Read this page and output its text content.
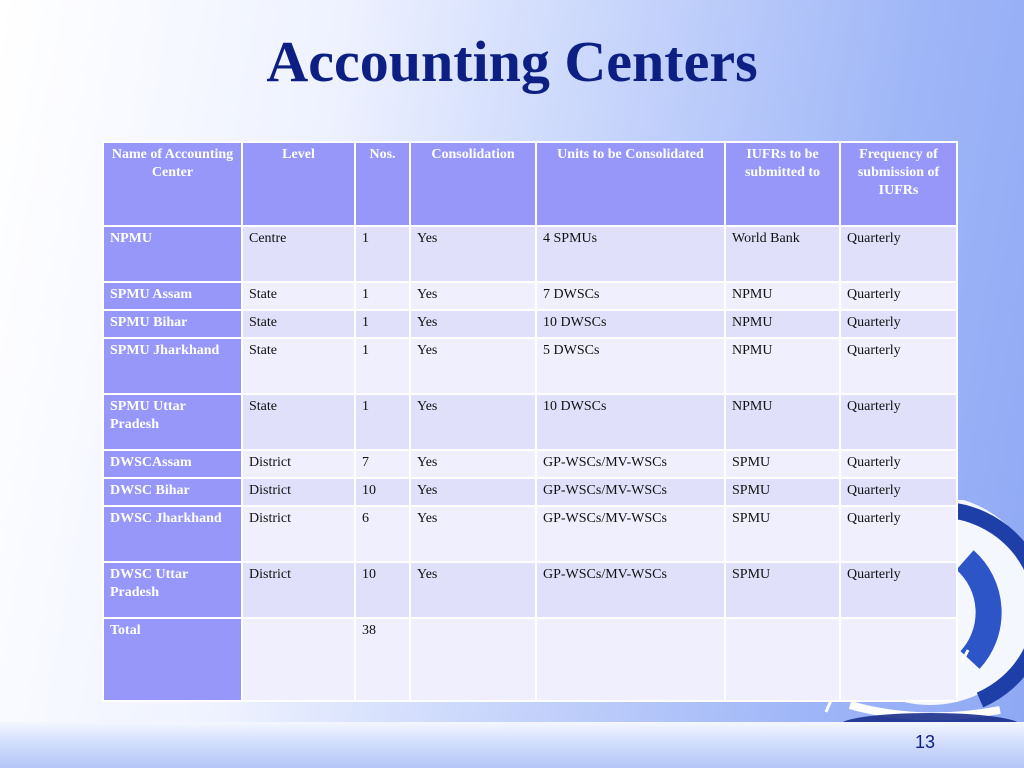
Accounting Centers
Name of Accounting Center	Level	Nos.	Consolidation	Units to be Consolidated	IUFRs to be submitted to	Frequency of submission of IUFRs
NPMU	Centre	1	Yes	4 SPMUs	World Bank	Quarterly
SPMU Assam	State	1	Yes	7 DWSCs	NPMU	Quarterly
SPMU Bihar	State	1	Yes	10 DWSCs	NPMU	Quarterly
SPMU Jharkhand	State	1	Yes	5 DWSCs	NPMU	Quarterly
SPMU Uttar Pradesh	State	1	Yes	10 DWSCs	NPMU	Quarterly
DWSCAssam	District	7	Yes	GP-WSCs/MV-WSCs	SPMU	Quarterly
DWSC Bihar	District	10	Yes	GP-WSCs/MV-WSCs	SPMU	Quarterly
DWSC Jharkhand	District	6	Yes	GP-WSCs/MV-WSCs	SPMU	Quarterly
DWSC Uttar Pradesh	District	10	Yes	GP-WSCs/MV-WSCs	SPMU	Quarterly
Total		38				
13
